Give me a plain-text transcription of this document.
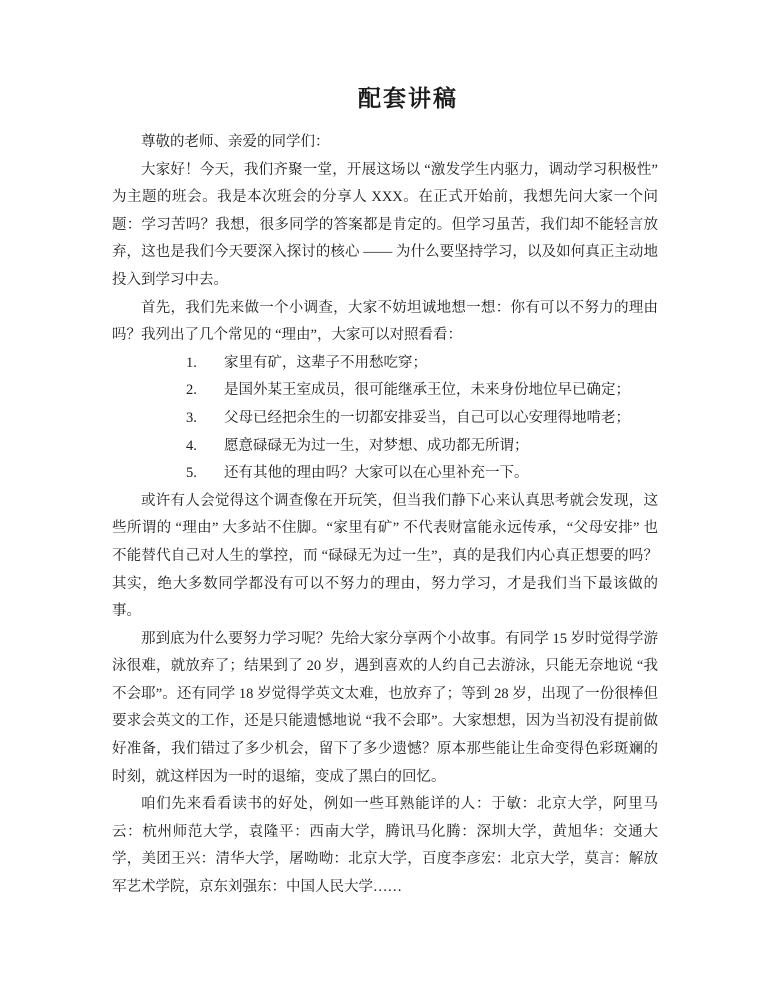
配套讲稿

尊敬的老师、亲爱的同学们：

大家好！今天，我们齐聚一堂，开展这场以 “激发学生内驱力，调动学习积极性” 为主题的班会。我是本次班会的分享人 XXX。在正式开始前，我想先问大家一个问题：学习苦吗？我想，很多同学的答案都是肯定的。但学习虽苦，我们却不能轻言放弃，这也是我们今天要深入探讨的核心 —— 为什么要坚持学习，以及如何真正主动地投入到学习中去。

首先，我们先来做一个小调查，大家不妨坦诚地想一想：你有可以不努力的理由吗？我列出了几个常见的 “理由”，大家可以对照看看：

1. 家里有矿，这辈子不用愁吃穿；
2. 是国外某王室成员，很可能继承王位，未来身份地位早已确定；
3. 父母已经把余生的一切都安排妥当，自己可以心安理得地啃老；
4. 愿意碌碌无为过一生，对梦想、成功都无所谓；
5. 还有其他的理由吗？大家可以在心里补充一下。

或许有人会觉得这个调查像在开玩笑，但当我们静下心来认真思考就会发现，这些所谓的 “理由” 大多站不住脚。“家里有矿” 不代表财富能永远传承，“父母安排” 也不能替代自己对人生的掌控，而 “碌碌无为过一生”，真的是我们内心真正想要的吗？其实，绝大多数同学都没有可以不努力的理由，努力学习，才是我们当下最该做的事。

那到底为什么要努力学习呢？先给大家分享两个小故事。有同学 15 岁时觉得学游泳很难，就放弃了；结果到了 20 岁，遇到喜欢的人约自己去游泳，只能无奈地说 “我不会耶”。还有同学 18 岁觉得学英文太难，也放弃了；等到 28 岁，出现了一份很棒但要求会英文的工作，还是只能遗憾地说 “我不会耶”。大家想想，因为当初没有提前做好准备，我们错过了多少机会，留下了多少遗憾？原本那些能让生命变得色彩斑斓的时刻，就这样因为一时的退缩，变成了黑白的回忆。

咱们先来看看读书的好处，例如一些耳熟能详的人：于敏：北京大学，阿里马云：杭州师范大学，袁隆平：西南大学，腾讯马化腾：深圳大学，黄旭华：交通大学，美团王兴：清华大学，屠呦呦：北京大学，百度李彦宏：北京大学，莫言：解放军艺术学院，京东刘强东：中国人民大学……
